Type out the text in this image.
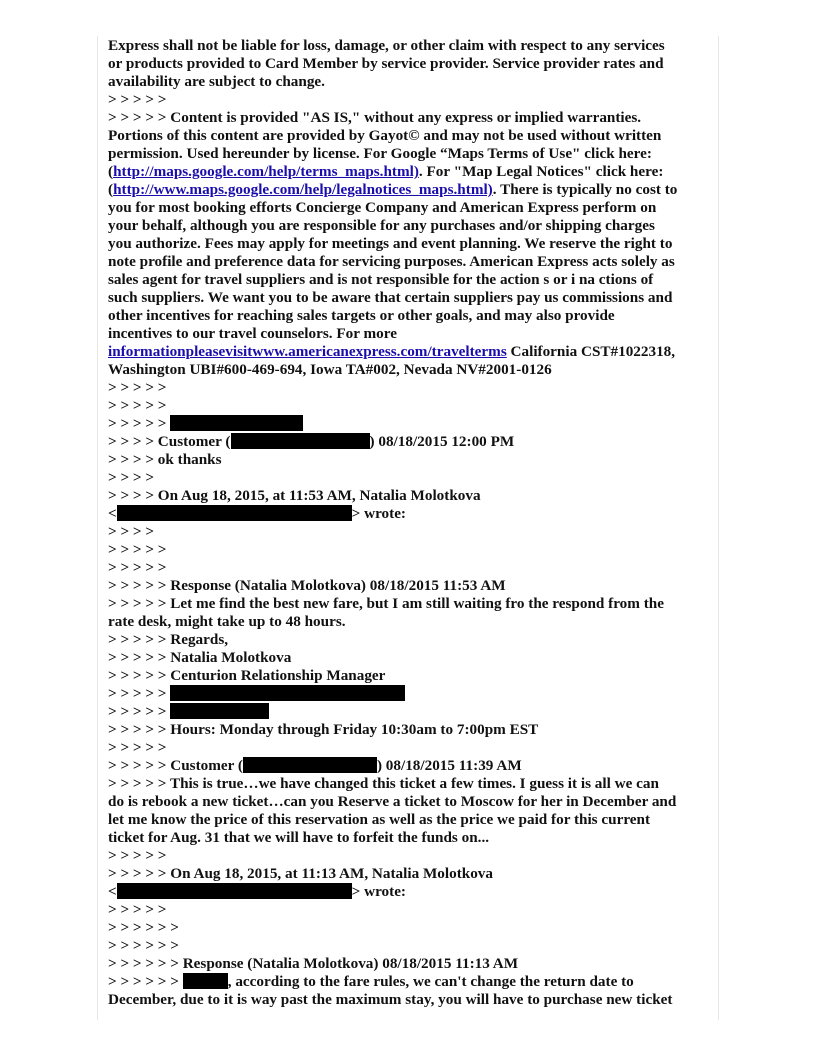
Express shall not be liable for loss, damage, or other claim with respect to any services
or products provided to Card Member by service provider. Service provider rates and
availability are subject to change.
> > > > >
> > > > > Content is provided "AS IS," without any express or implied warranties.
Portions of this content are provided by Gayot© and may not be used without written
permission. Used hereunder by license. For Google “Maps Terms of Use" click here:
(http://maps.google.com/help/terms_maps.html). For "Map Legal Notices" click here:
(http://www.maps.google.com/help/legalnotices_maps.html). There is typically no cost to
you for most booking efforts Concierge Company and American Express perform on
your behalf, although you are responsible for any purchases and/or shipping charges
you authorize. Fees may apply for meetings and event planning. We reserve the right to
note profile and preference data for servicing purposes. American Express acts solely as
sales agent for travel suppliers and is not responsible for the action s or i na ctions of
such suppliers. We want you to be aware that certain suppliers pay us commissions and
other incentives for reaching sales targets or other goals, and may also provide
incentives to our travel counselors. For more
informationpleasevisitwww.americanexpress.com/travelterms California CST#1022318,
Washington UBI#600-469-694, Iowa TA#002, Nevada NV#2001-0126
> > > > >
> > > > >
> > > > >
> > > > Customer (	) 08/18/2015 12:00 PM
> > > > ok thanks
> > > >
> > > > On Aug 18, 2015, at 11:53 AM, Natalia Molotkova
<	> wrote:
> > > >
> > > > >
> > > > >
> > > > > Response (Natalia Molotkova) 08/18/2015 11:53 AM
> > > > > Let me find the best new fare, but I am still waiting fro the respond from the
rate desk, might take up to 48 hours.
> > > > > Regards,
> > > > > Natalia Molotkova
> > > > > Centurion Relationship Manager
> > > > >
> > > > >
> > > > > Hours: Monday through Friday 10:30am to 7:00pm EST
> > > > >
> > > > > Customer (	) 08/18/2015 11:39 AM
> > > > > This is true…we have changed this ticket a few times. I guess it is all we can
do is rebook a new ticket…can you Reserve a ticket to Moscow for her in December and
let me know the price of this reservation as well as the price we paid for this current
ticket for Aug. 31 that we will have to forfeit the funds on...
> > > > >
> > > > > On Aug 18, 2015, at 11:13 AM, Natalia Molotkova
<	> wrote:
> > > > >
> > > > > >
> > > > > >
> > > > > > Response (Natalia Molotkova) 08/18/2015 11:13 AM
> > > > > >	, according to the fare rules, we can't change the return date to
December, due to it is way past the maximum stay, you will have to purchase new ticket
